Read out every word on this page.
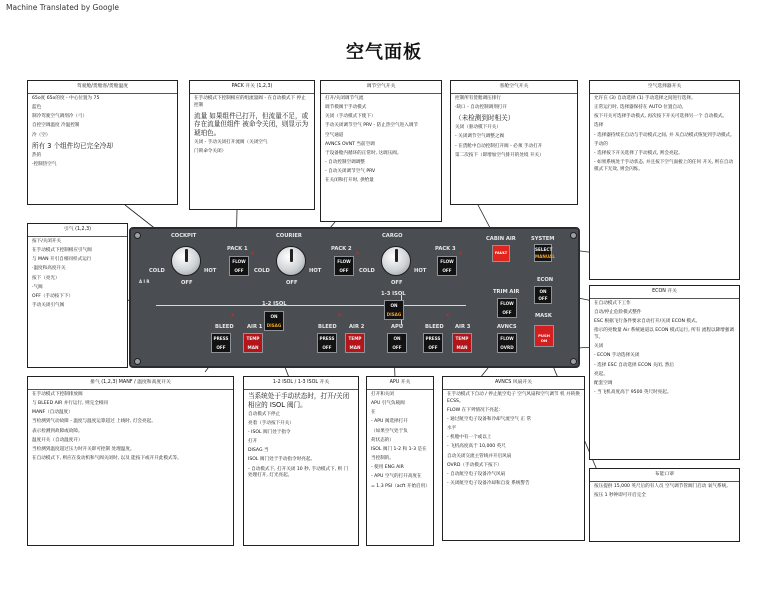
Machine Translated by Google
空气面板
驾驶舱/货舱客/货舱温度

65o度 65o的度 - 中心位置为 75

蓝色

制冷驾驶空气调剂冷（弓）

自控空调温度 冷温控制

冷（空）

所有 3 个组件均已完全冷却

热的

·控制热空气

PACK 开关 (1,2,3)

在手动模式下控制相应的组流量阀 - 在自动模式下 停止控制

流量 如果组件已打开，但流量不足，或存在流量但组件 被命令关闭，则显示为琥珀色。

关闭 - 手动关闭打开流阀（关闭空气

门锁命令关闭）

调节空气开关

打开/关闭调节气流

调节模阀于手动模式

关闭（手动模式下使下）

手动关闭调节空气 PRV - 防止热空气进入调节

空气通道

AVNCS OVNT 当前空调

于设备舱内循环的正常时, 这调压阀。

- 自动控制空调调整

- 自动关闭调节空气 PRV

在关闭和打开时, 供给量

客舱空气开关

控制所有货舱调压排行

·缺口 - 自动控制调剂打开

（未检测到时相关）

关闭（驱动模下开关）

- 关闭调节空气调整之阀

- 在货舱中自动控制打开阀 - 必须 手动打开

第二次按下（即增加空气排开的处境 开关）

空气选择器开关

允许在 (3) 自动选择 (1) 手动选择之间进行选择。

正常运行时, 选择器保持在 AUTO 位置自动。

按下开关可选择手动模式, 再次按下开关可选择另一个 自动模式。

选择

- 选择器持续在自动与手动模式之间, 并 从自动模式恢复到手动模式。

手动的

- 选择按下开关选择了手动模式, 则会亮起。

- 如果系统处于手动状态, 并且按下空气面板上的任何 开关, 则在自动模式下无效, 则会闪烁。

引气 (1,2,3)

按下/关闭开关

在手动模式下控制相应引气阀

与 MAN 开引自相同样式运行

·温度和高度开关

按下（亮光）

·气阀

OFF（手动按下下）

手动关闭引气阀

ECON 开关

在自动模式下工作

自动/停止危险模式整件

ESC 根据飞行条件要求自动打开/关闭 ECON 模式。

指示的亮数量 Air 系统通道以 ECON 模式运行, 所有 流程以降增强调节。

关闭

- ECON 手动选择关闭

- 选择 ESC 自动选择 ECON 关闭, 然后

亮起。

配套空调

- 当飞机高度高于 9500 英尺时亮起。

排气 (1,2,3) MANF / 温度和高度开关

在手动模式下控制排放阀

与 BLEED AIR 并行运行, 则完全相同

MANF（自动温度）

当检测到气动故障 - 温度与温度运算超过 上线时, 灯会亮起。

表示检测到故障或故障。

温度开关（自动温度开）

当检测到温度超过压力时开关即可控制 处理温度。

在自动模式下, 则应在发动机和气阀关闭时, 以及 能按下或开开此模式等。

1-2 ISOL / 1-3 ISOL 开关

当系统处于手动状态时，打开/关闭相应的 ISOL 阀门。

自动模式下停止

亮着（手动按下开关）

- ISOL 阀门处于指令

打开

DISAG 当

ISOL 阀门处于手动指令时亮起。

- 自动模式下, 打开关闭 10 秒, 手动模式下, 则 门 处理打开, 灯光亮起。

APU 开关

打开和关闭

APU 引气负载阀

在

- APU 阀选择打开

（如果空气处于负

荷状态的）

ISOL 阀门 1-2 和 1-3 是在

当控制的。

- 使用 ENG AIR

- APU 空气的打开高度在

= 1.3 PSI（acft 开始启用）

AVNCS 风扇开关

在手动模式下自动 / 停止航空电子 空气风扇和空气调节 机 并转换 ECSS。

FLOW 在下列情况下亮起：

- 通过航空电子设备和冷却气流空气 正 常

水平

- 机舱中有一个或以上

- 飞机高度高于 10,000 英尺

自动关闭交流主管线并开启风扇

OVRD（手动模式下按下）

- 自动航空电子设备冷气风扇

- 关闭航空电子设备冷却和自发 系统警告

布能口罩

按压提供 15,000 英尺后的有人员 空气调节管阀门启动 氧气系统。

按压 1 秒钟即可开启完全

A I R
COCKPIT
COLD	HOT
OFF
PACK 1
FLOW
OFF
COURIER
COLD	HOT
OFF
PACK 2
FLOW
OFF
CARGO
COLD	HOT
OFF
PACK 3
FLOW
OFF
CABIN AIR
FAULT
SYSTEM
SELECT
MANUAL
1-2 ISOL
ON
DISAG
1-3 ISOL
ON
DISAG
TRIM AIR
FLOW
OFF
ECON
ON
OFF
BLEED	AIR 1
PRESS
OFF
TEMP
MAN
BLEED AIR 2
PRESS
OFF
TEMP
MAN
APU
ON
OFF
BLEED AIR 3
PRESS
OFF
TEMP
MAN
AVNCS
FLOW
OVRD
MASK
PUSH ON
*	*	*
*	*
*
